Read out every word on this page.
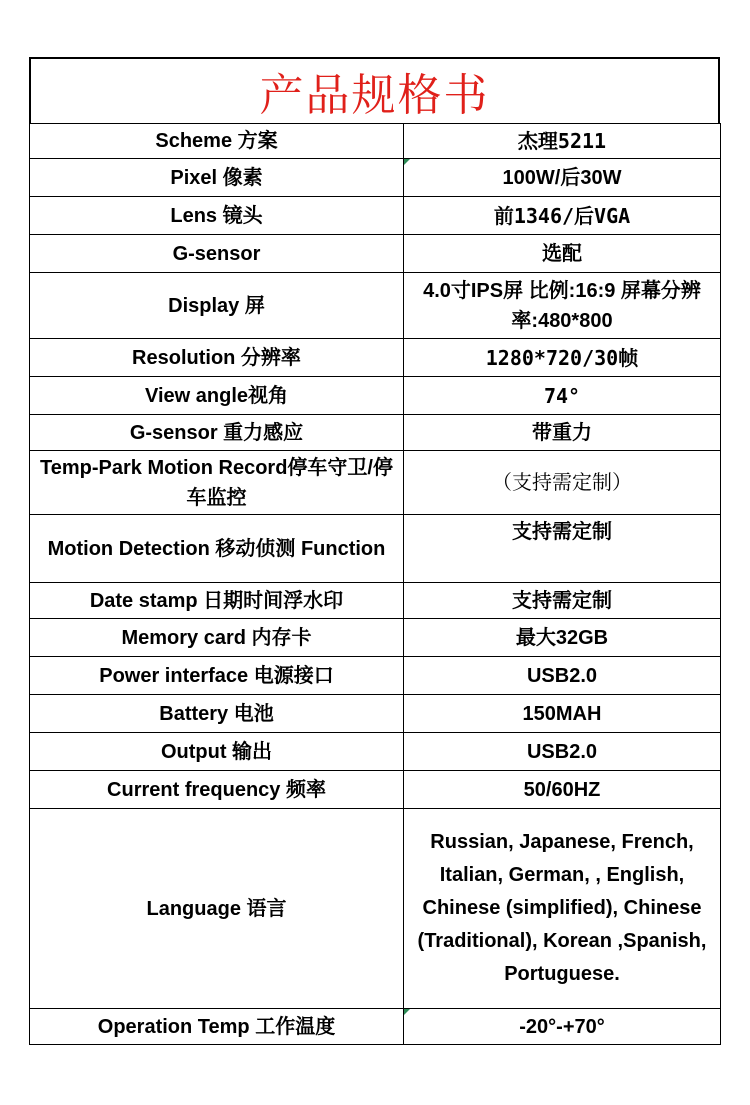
产品规格书
Scheme 方案	杰理5211
Pixel 像素	100W/后30W
Lens 镜头	前1346/后VGA
G-sensor	选配
Display 屏	4.0寸IPS屏 比例:16:9 屏幕分辨率:480*800
Resolution 分辨率	1280*720/30帧
View angle视角	74°
G-sensor 重力感应	带重力
Temp-Park Motion Record停车守卫/停车监控	（支持需定制）
Motion Detection 移动侦测 Function	支持需定制
Date stamp 日期时间浮水印	支持需定制
Memory card 内存卡	最大32GB
Power interface 电源接口	USB2.0
Battery 电池	150MAH
Output 输出	USB2.0
Current frequency 频率	50/60HZ
Language 语言	Russian, Japanese, French, Italian, German, , English, Chinese (simplified), Chinese (Traditional), Korean ,Spanish, Portuguese.
Operation Temp 工作温度	-20°-+70°
